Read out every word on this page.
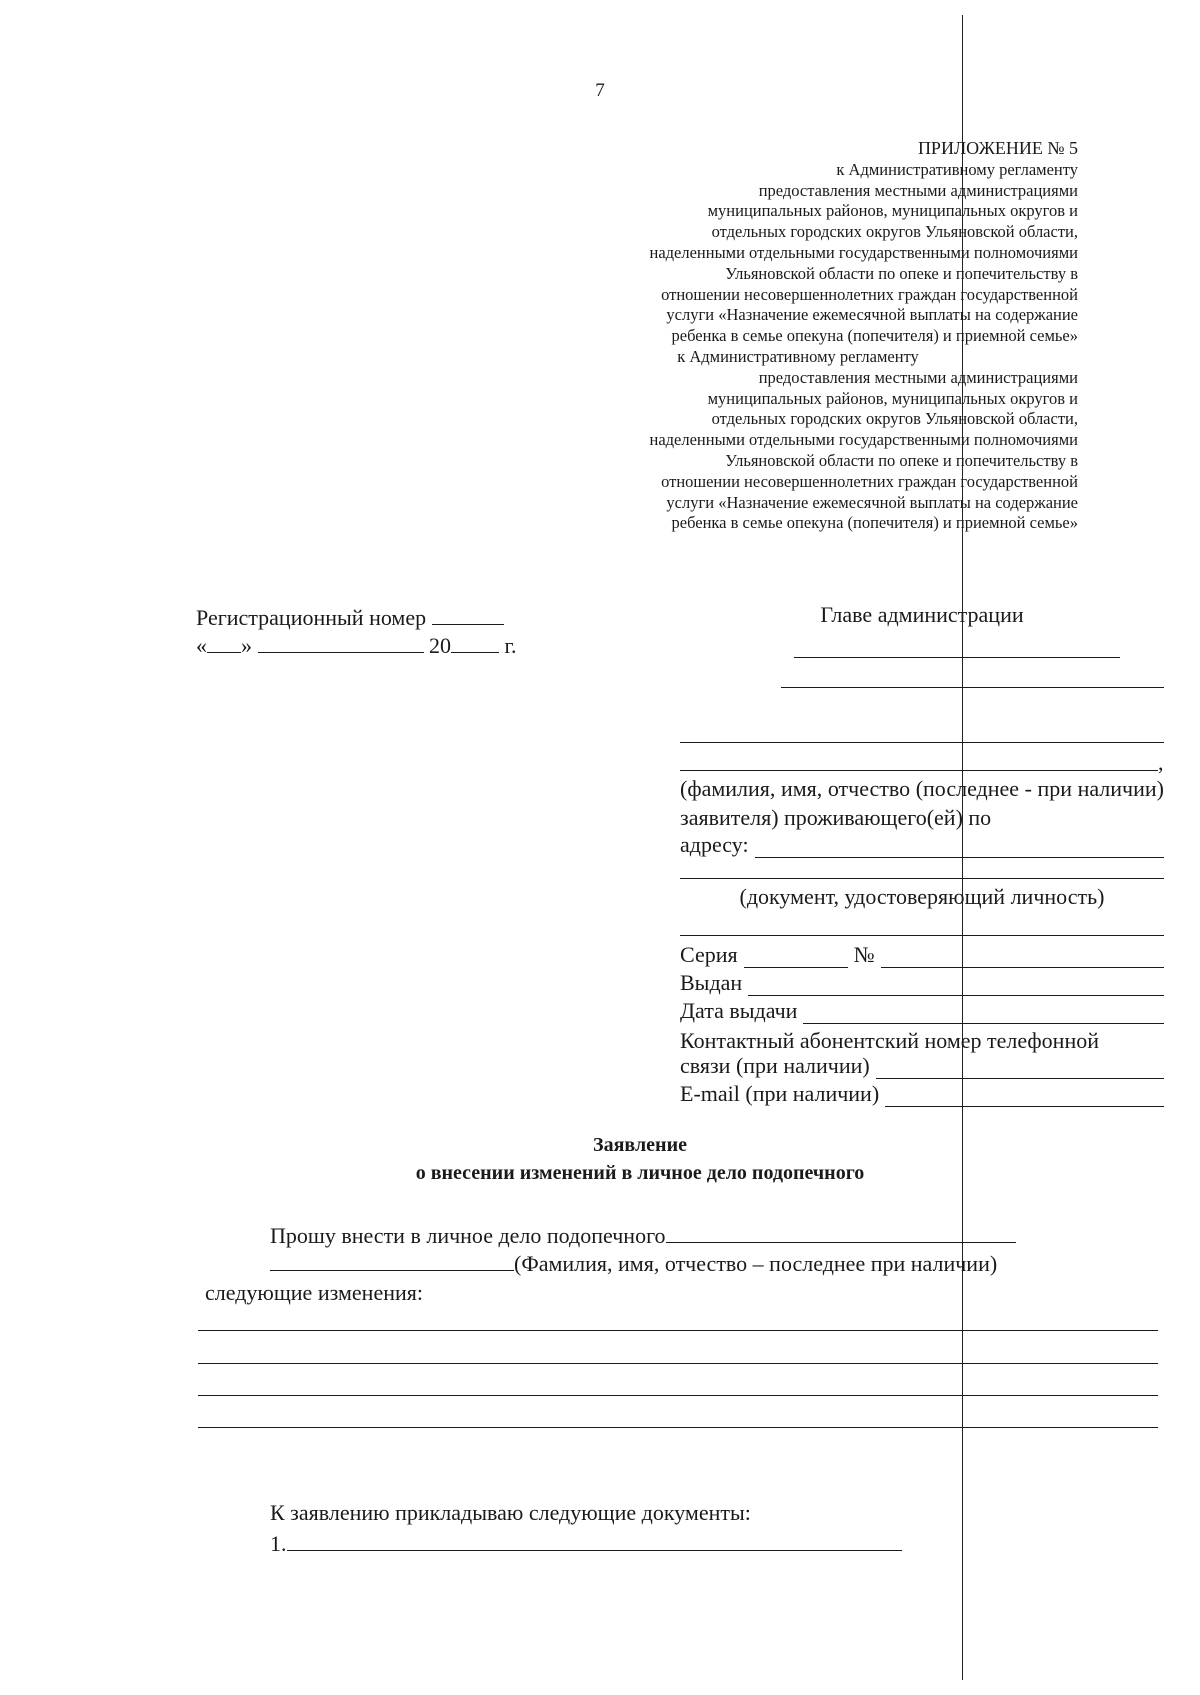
7
ПРИЛОЖЕНИЕ № 5
к Административному регламенту
предоставления местными администрациями
муниципальных районов, муниципальных округов и
отдельных городских округов Ульяновской области,
наделенными отдельными государственными полномочиями
Ульяновской области по опеке и попечительству в
отношении несовершеннолетних граждан государственной
услуги «Назначение ежемесячной выплаты на содержание
ребенка в семье опекуна (попечителя) и приемной семье»
к Административному регламенту
предоставления местными администрациями
муниципальных районов, муниципальных округов и
отдельных городских округов Ульяновской области,
наделенными отдельными государственными полномочиями
Ульяновской области по опеке и попечительству в
отношении несовершеннолетних граждан государственной
услуги «Назначение ежемесячной выплаты на содержание
ребенка в семье опекуна (попечителя) и приемной семье»
Регистрационный номер
« »	20 г.
Главе администрации
,
(фамилия, имя, отчество (последнее - при наличии) заявителя) проживающего(ей) по
адресу:
(документ, удостоверяющий личность)
Серия	№
Выдан
Дата выдачи
Контактный абонентский номер телефонной
связи (при наличии)
E-mail (при наличии)
Заявление
о внесении изменений в личное дело подопечного
Прошу внести в личное дело подопечного
(Фамилия, имя, отчество – последнее при наличии)
следующие изменения:
К заявлению прикладываю следующие документы:
1.
